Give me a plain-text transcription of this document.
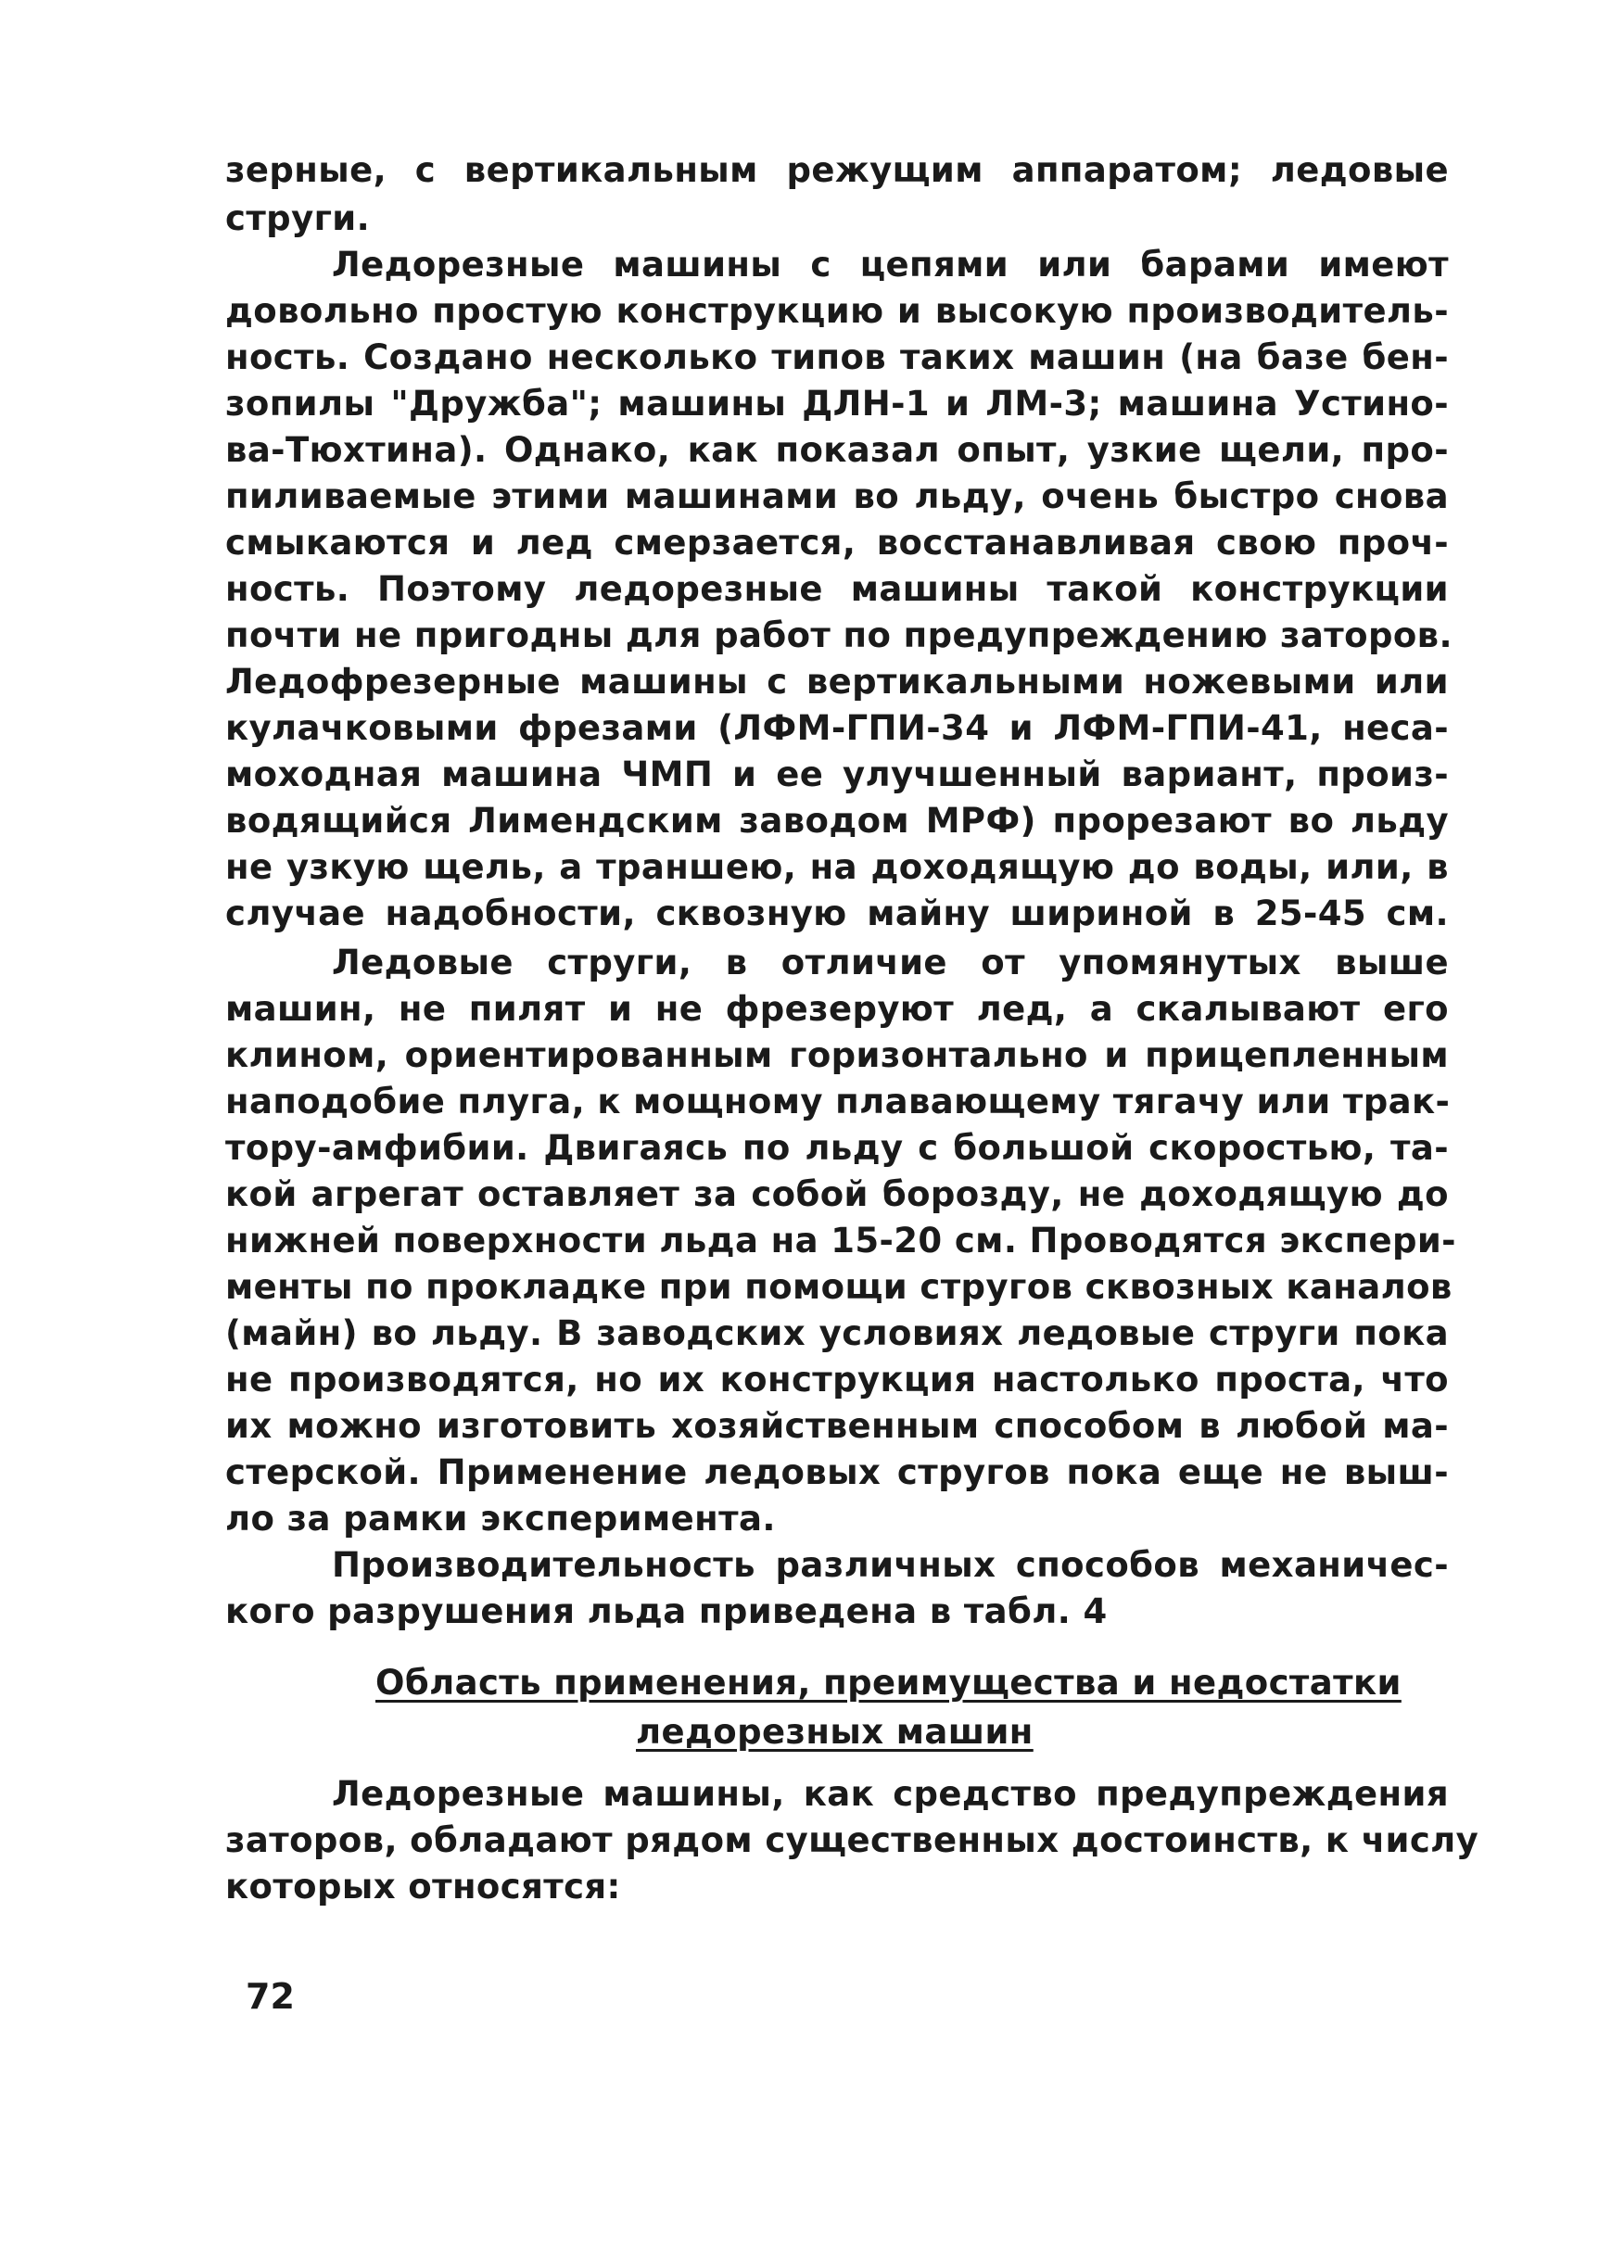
зерные, с вертикальным режущим аппаратом; ледовые
струги.
Ледорезные машины с цепями или барами имеют
довольно простую конструкцию и высокую производитель-
ность. Создано несколько типов таких машин (на базе бен-
зопилы "Дружба"; машины ДЛН-1 и ЛМ-3; машина Устино-
ва-Тюхтина). Однако, как показал опыт, узкие щели, про-
пиливаемые этими машинами во льду, очень быстро снова
смыкаются и лед смерзается, восстанавливая свою проч-
ность. Поэтому ледорезные машины такой конструкции
почти не пригодны для работ по предупреждению заторов.
Ледофрезерные машины с вертикальными ножевыми или
кулачковыми фрезами (ЛФМ-ГПИ-34 и ЛФМ-ГПИ-41, неса-
моходная машина ЧМП и ее улучшенный вариант, произ-
водящийся Лимендским заводом МРФ) прорезают во льду
не узкую щель, а траншею, на доходящую до воды, или, в
случае надобности, сквозную майну шириной в 25-45 см.
Ледовые струги, в отличие от упомянутых выше
машин, не пилят и не фрезеруют лед, а скалывают его
клином, ориентированным горизонтально и прицепленным
наподобие плуга, к мощному плавающему тягачу или трак-
тору-амфибии. Двигаясь по льду с большой скоростью, та-
кой агрегат оставляет за собой борозду, не доходящую до
нижней поверхности льда на 15-20 см. Проводятся экспери-
менты по прокладке при помощи стругов сквозных каналов
(майн) во льду. В заводских условиях ледовые струги пока
не производятся, но их конструкция настолько проста, что
их можно изготовить хозяйственным способом в любой ма-
стерской. Применение ледовых стругов пока еще не выш-
ло за рамки эксперимента.
Производительность различных способов механичес-
кого разрушения льда приведена в табл. 4
Ледорезные машины, как средство предупреждения
заторов, обладают рядом существенных достоинств, к числу
которых относятся:
Область применения, преимущества и недостатки
ледорезных машин
72
